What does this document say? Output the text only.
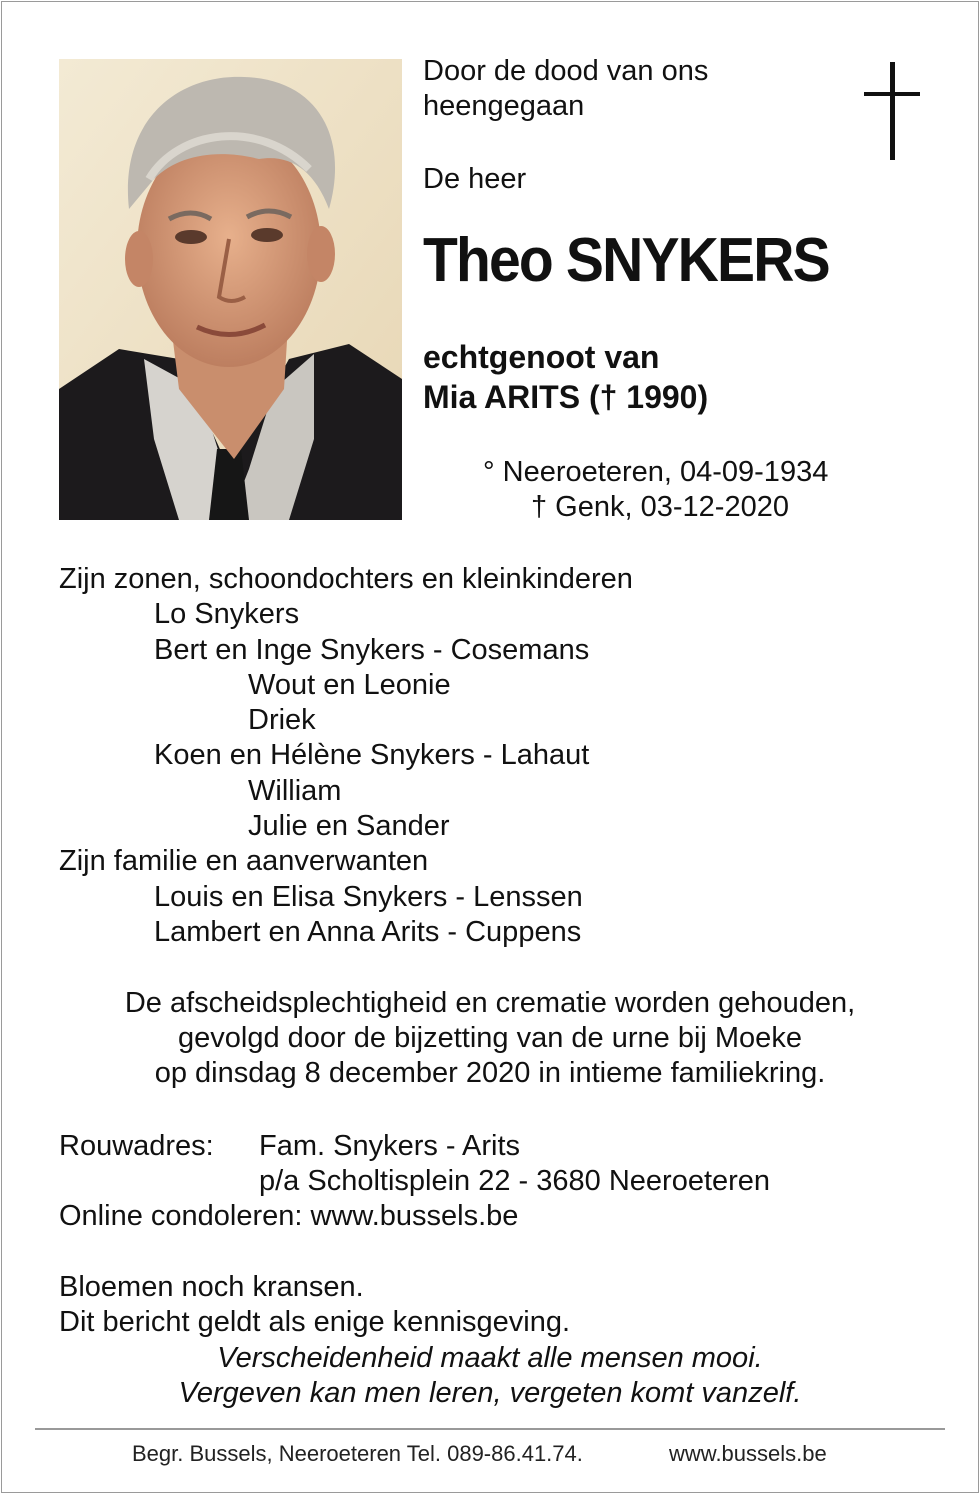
Door de dood van ons heengegaan
De heer
Theo SNYKERS
echtgenoot van
Mia ARITS († 1990)
° Neeroeteren, 04-09-1934
† Genk, 03-12-2020
Zijn zonen, schoondochters en kleinkinderen
Lo Snykers
Bert en Inge Snykers - Cosemans
Wout en Leonie
Driek
Koen en Hélène Snykers - Lahaut
William
Julie en Sander
Zijn familie en aanverwanten
Louis en Elisa Snykers - Lenssen
Lambert en Anna Arits - Cuppens
De afscheidsplechtigheid en crematie worden gehouden,
gevolgd door de bijzetting van de urne bij Moeke
op dinsdag 8 december 2020 in intieme familiekring.
Rouwadres: Fam. Snykers - Arits
p/a Scholtisplein 22 - 3680 Neeroeteren
Online condoleren: www.bussels.be
Bloemen noch kransen.
Dit bericht geldt als enige kennisgeving.
Verscheidenheid maakt alle mensen mooi.
Vergeven kan men leren, vergeten komt vanzelf.
Begr. Bussels, Neeroeteren Tel. 089-86.41.74.	www.bussels.be
